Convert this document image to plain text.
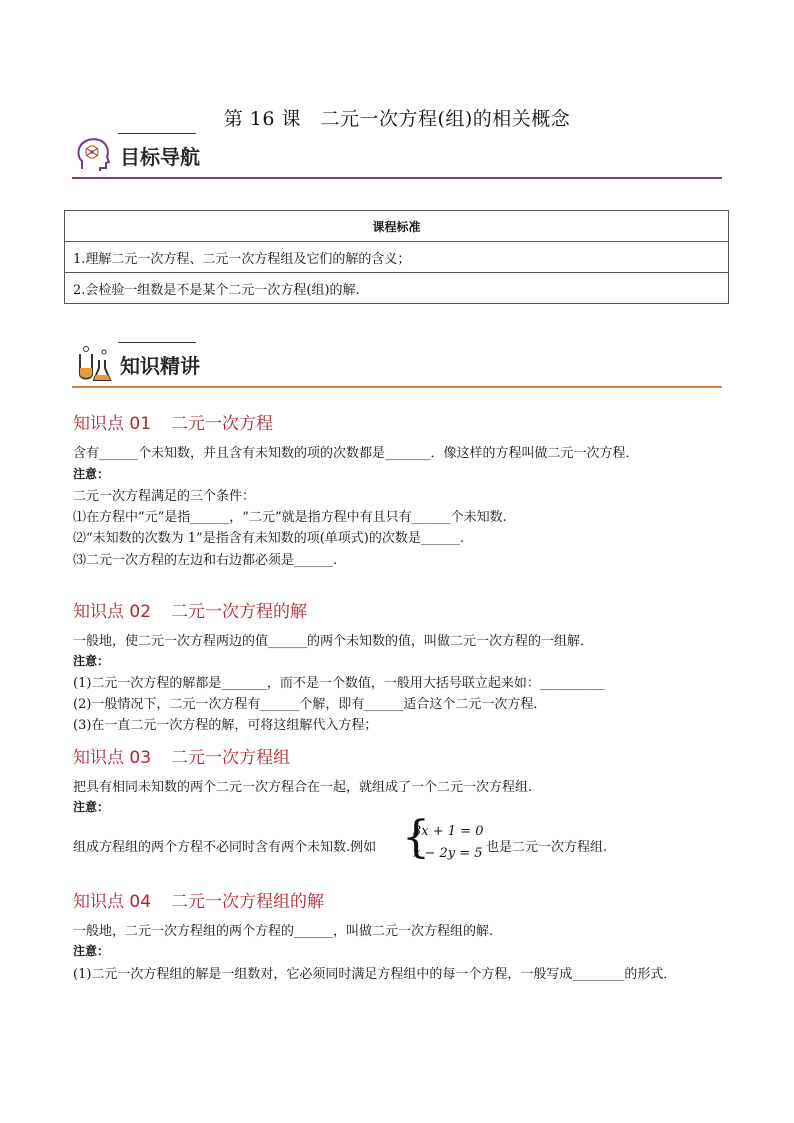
第 16 课　二元一次方程(组)的相关概念
目标导航
课程标准
1.理解二元一次方程、二元一次方程组及它们的解的含义；
2.会检验一组数是不是某个二元一次方程(组)的解.
知识精讲
知识点 01 二元一次方程
含有______个未知数，并且含有未知数的项的次数都是_______．像这样的方程叫做二元一次方程．
注意：
二元一次方程满足的三个条件：
⑴在方程中“元”是指______，“二元”就是指方程中有且只有______个未知数.
⑵“未知数的次数为 1”是指含有未知数的项(单项式)的次数是______.
⑶二元一次方程的左边和右边都必须是______.
知识点 02 二元一次方程的解
一般地，使二元一次方程两边的值______的两个未知数的值，叫做二元一次方程的一组解．
注意：
(1)二元一次方程的解都是_______，而不是一个数值，一般用大括号联立起来如：__________
(2)一般情况下，二元一次方程有______个解，即有______适合这个二元一次方程．
(3)在一直二元一次方程的解，可将这组解代入方程；
知识点 03 二元一次方程组
把具有相同未知数的两个二元一次方程合在一起，就组成了一个二元一次方程组.
注意：
组成方程组的两个方程不必同时含有两个未知数.例如 {
3x + 1 = 0
x − 2y = 5 也是二元一次方程组.
知识点 04 二元一次方程组的解
一般地，二元一次方程组的两个方程的______，叫做二元一次方程组的解.
注意：
(1)二元一次方程组的解是一组数对，它必须同时满足方程组中的每一个方程，一般写成________的形式．
